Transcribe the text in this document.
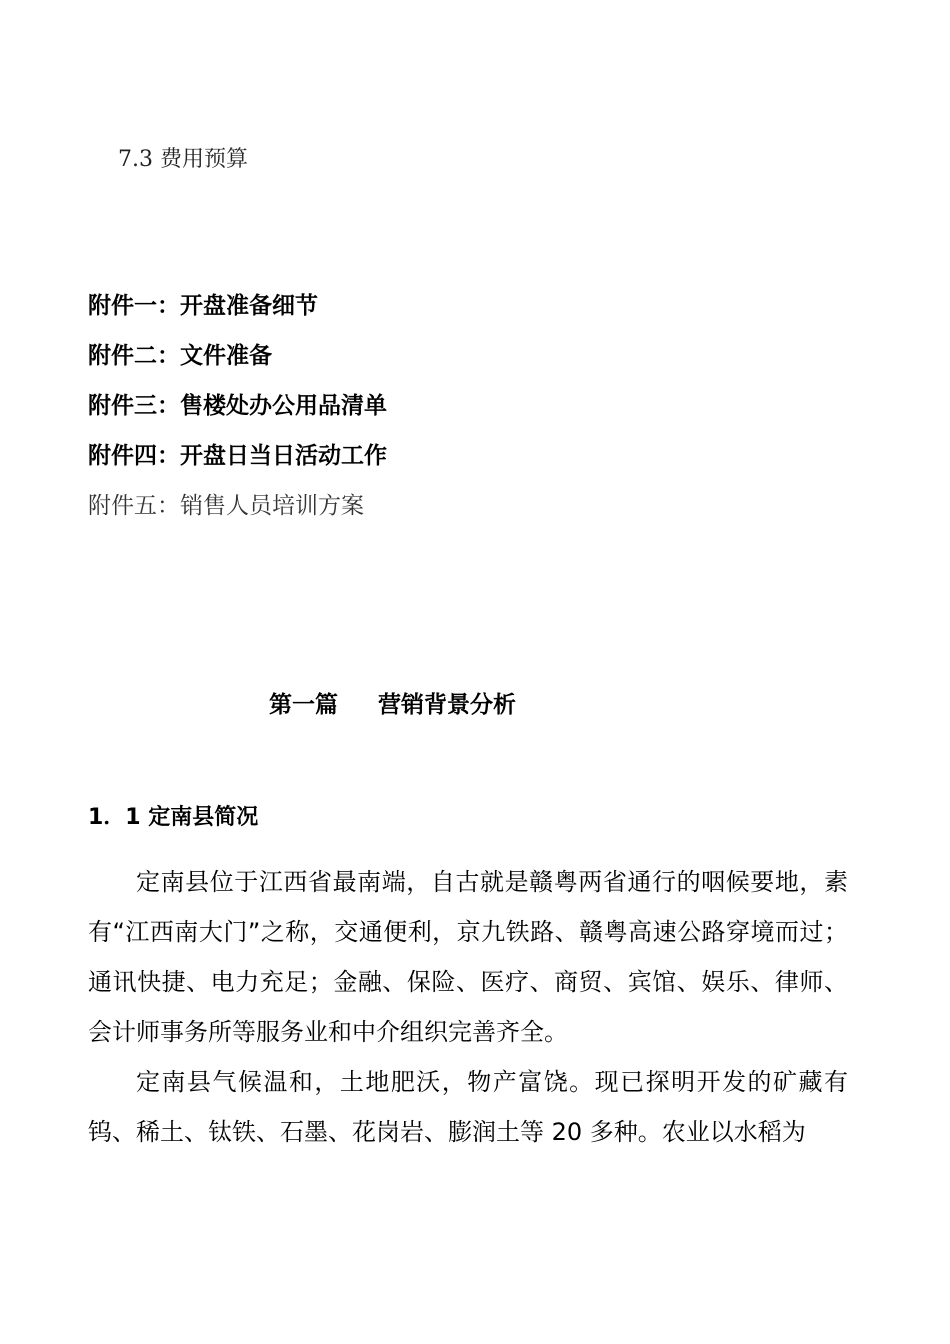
7.3 费用预算
附件一：开盘准备细节
附件二：文件准备
附件三：售楼处办公用品清单
附件四：开盘日当日活动工作
附件五：销售人员培训方案
第一篇 营销背景分析
1．1 定南县简况

定南县位于江西省最南端，自古就是赣粤两省通行的咽候要地，素有“江西南大门”之称，交通便利，京九铁路、赣粤高速公路穿境而过；通讯快捷、电力充足；金融、保险、医疗、商贸、宾馆、娱乐、律师、会计师事务所等服务业和中介组织完善齐全。

定南县气候温和，土地肥沃，物产富饶。现已探明开发的矿藏有钨、稀土、钛铁、石墨、花岗岩、膨润土等 20 多种。农业以水稻为
